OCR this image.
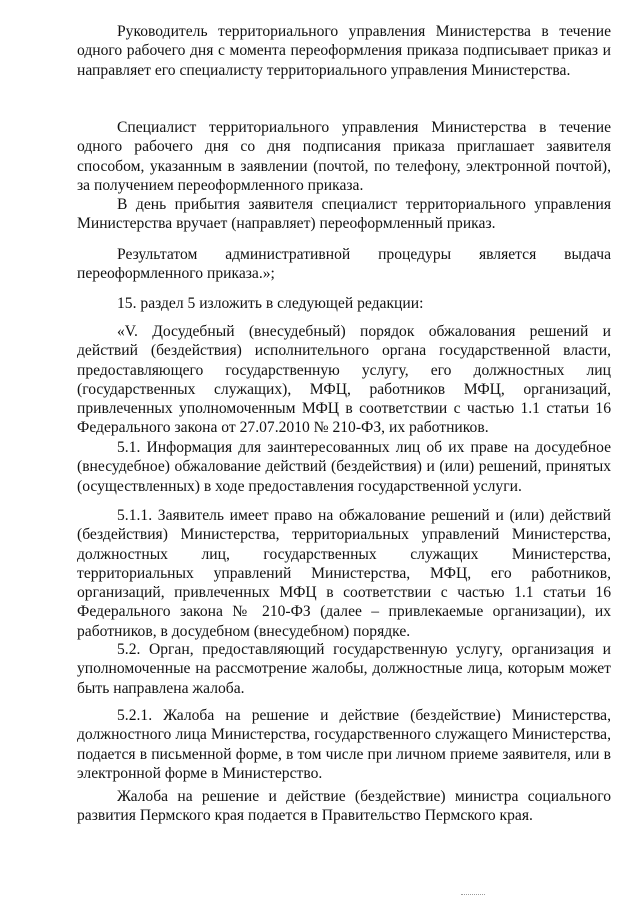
Руководитель территориального управления Министерства в течение одного рабочего дня с момента переоформления приказа подписывает приказ и направляет его специалисту территориального управления Министерства.

Специалист территориального управления Министерства в течение одного рабочего дня со дня подписания приказа приглашает заявителя способом, указанным в заявлении (почтой, по телефону, электронной почтой), за получением переоформленного приказа.

В день прибытия заявителя специалист территориального управления Министерства вручает (направляет) переоформленный приказ.

Результатом административной процедуры является выдача переоформленного приказа.»;

15. раздел 5 изложить в следующей редакции:

«V. Досудебный (внесудебный) порядок обжалования решений и действий (бездействия) исполнительного органа государственной власти, предоставляющего государственную услугу, его должностных лиц (государственных служащих), МФЦ, работников МФЦ, организаций, привлеченных уполномоченным МФЦ в соответствии с частью 1.1 статьи 16 Федерального закона от 27.07.2010 № 210-ФЗ, их работников.

5.1. Информация для заинтересованных лиц об их праве на досудебное (внесудебное) обжалование действий (бездействия) и (или) решений, принятых (осуществленных) в ходе предоставления государственной услуги.

5.1.1. Заявитель имеет право на обжалование решений и (или) действий (бездействия) Министерства, территориальных управлений Министерства, должностных лиц, государственных служащих Министерства, территориальных управлений Министерства, МФЦ, его работников, организаций, привлеченных МФЦ в соответствии с частью 1.1 статьи 16 Федерального закона № 210-ФЗ (далее – привлекаемые организации), их работников, в досудебном (внесудебном) порядке.

5.2. Орган, предоставляющий государственную услугу, организация и уполномоченные на рассмотрение жалобы, должностные лица, которым может быть направлена жалоба.

5.2.1. Жалоба на решение и действие (бездействие) Министерства, должностного лица Министерства, государственного служащего Министерства, подается в письменной форме, в том числе при личном приеме заявителя, или в электронной форме в Министерство.

Жалоба на решение и действие (бездействие) министра социального развития Пермского края подается в Правительство Пермского края.
